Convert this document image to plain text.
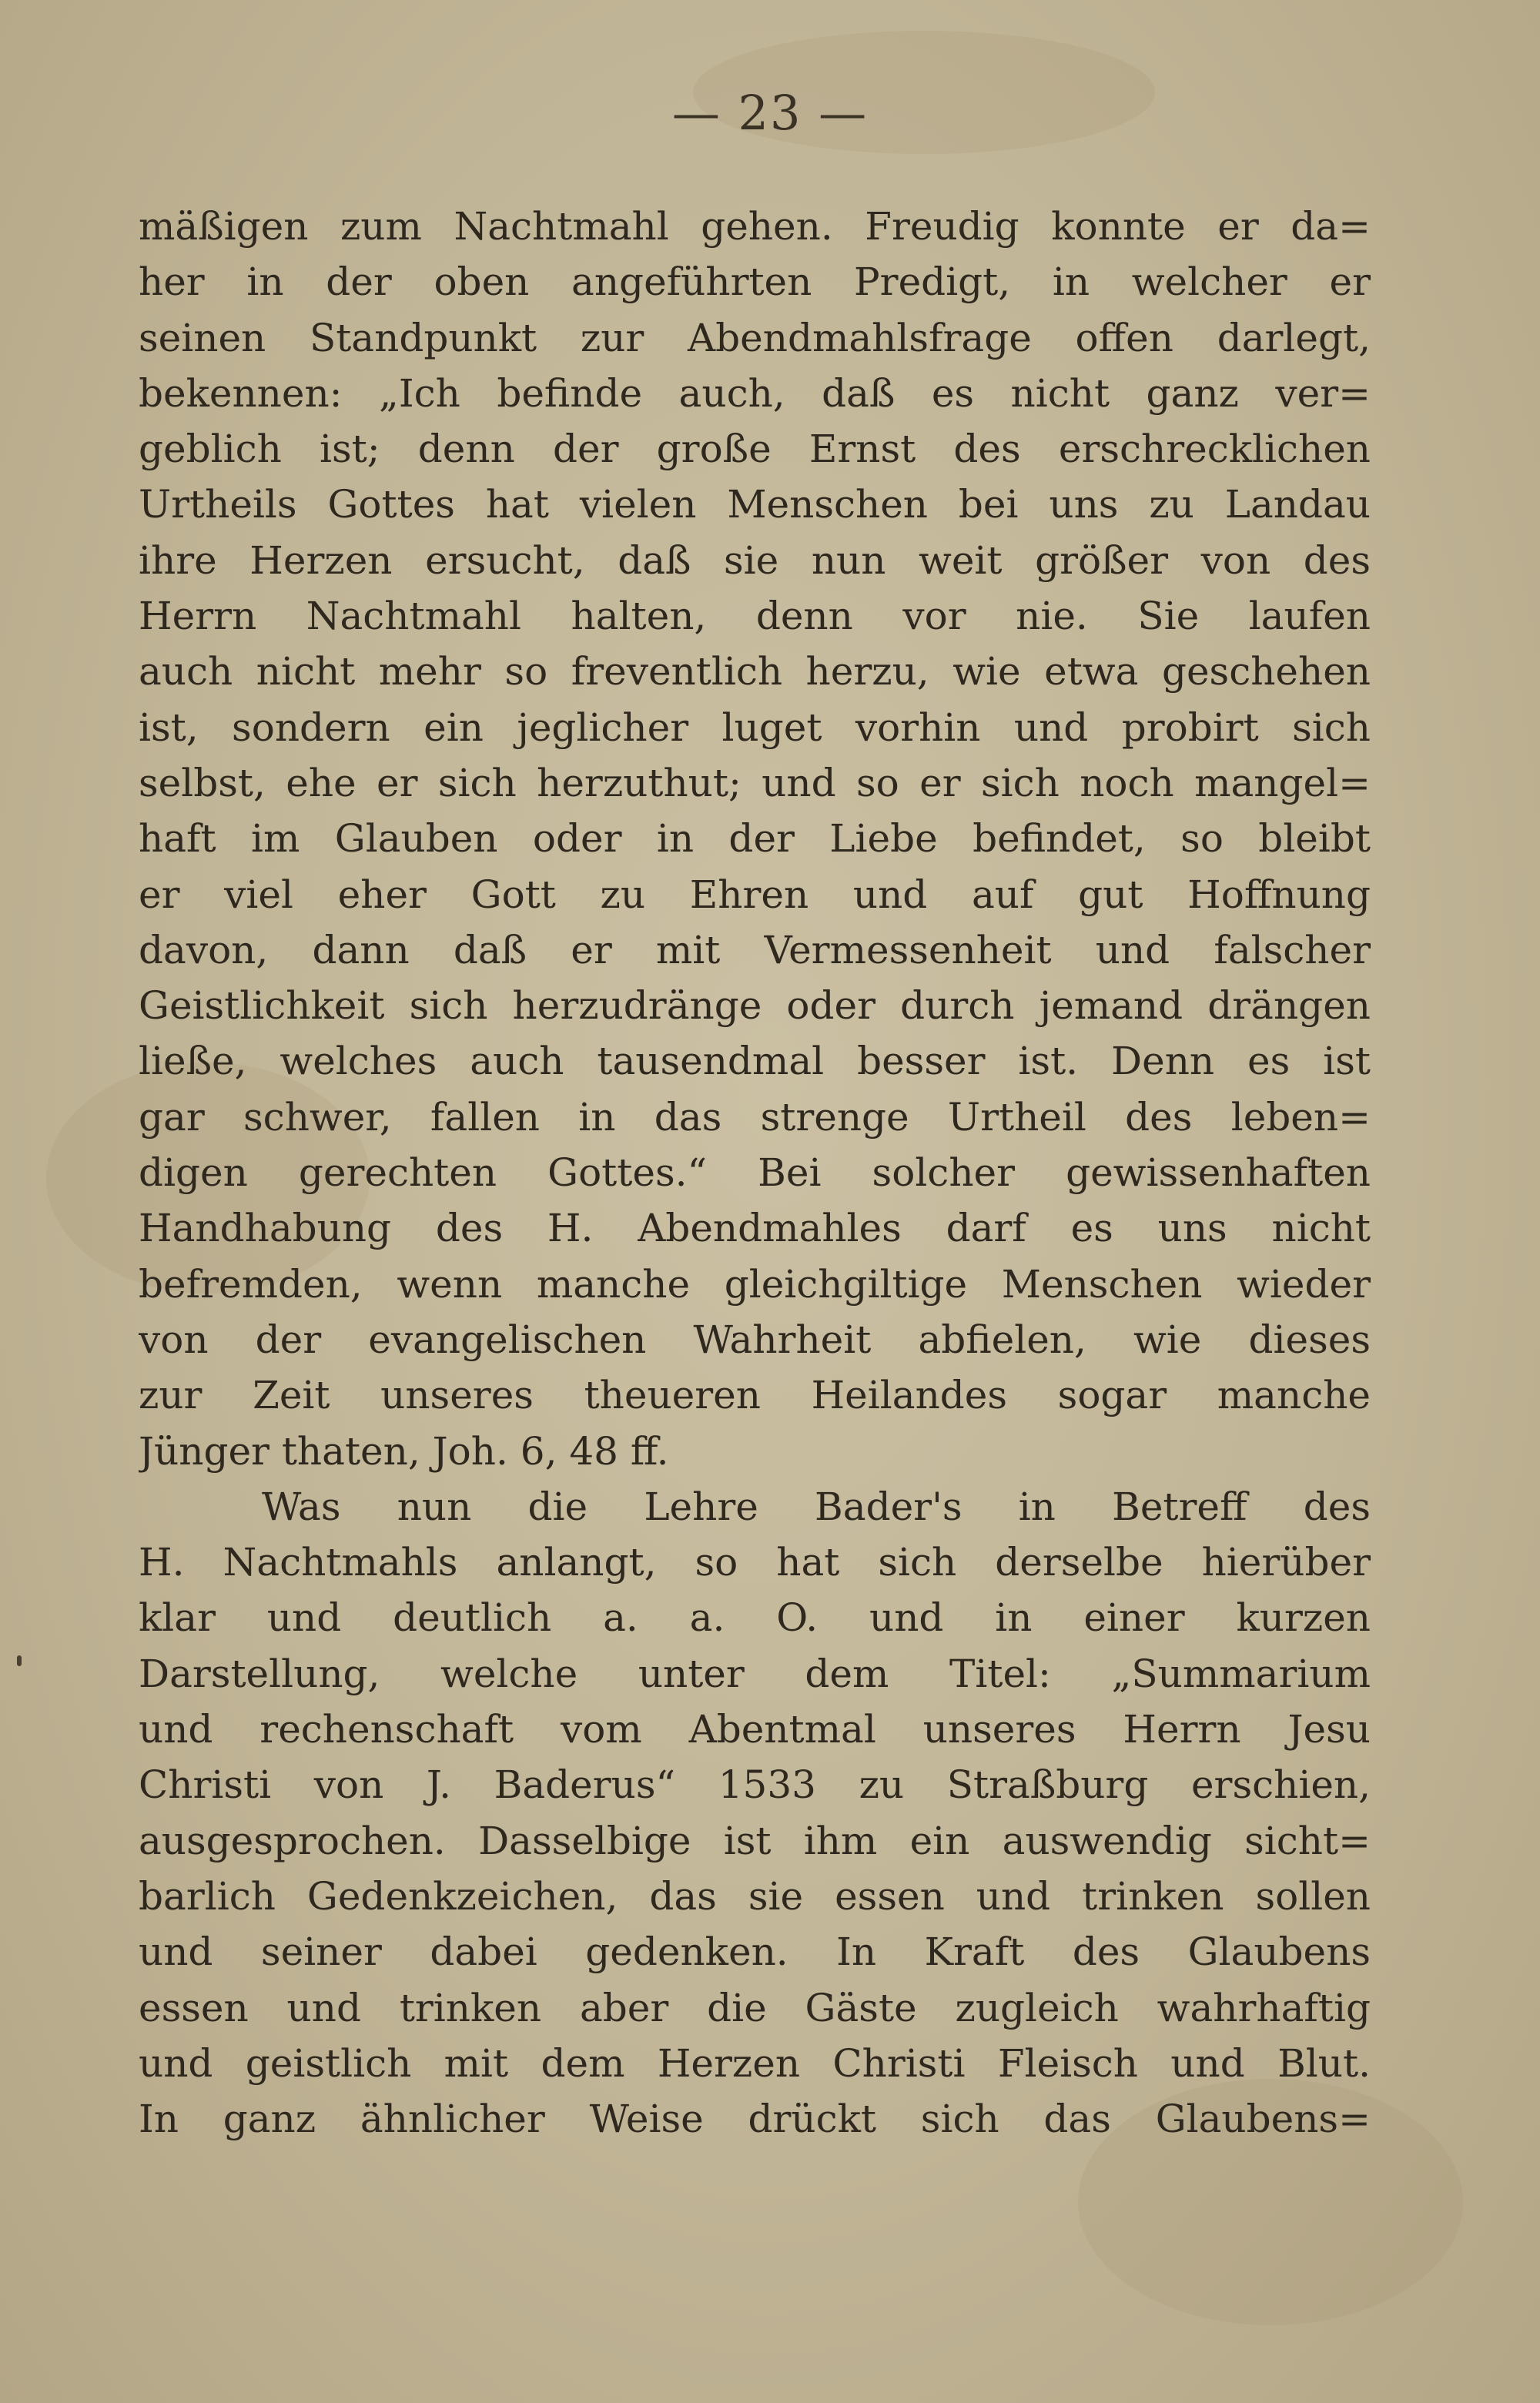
— 23 —
mäßigen zum Nachtmahl gehen. Freudig konnte er da=
her in der oben angeführten Predigt, in welcher er
seinen Standpunkt zur Abendmahlsfrage offen darlegt,
bekennen: „Ich befinde auch, daß es nicht ganz ver=
geblich ist; denn der große Ernst des erschrecklichen
Urtheils Gottes hat vielen Menschen bei uns zu Landau
ihre Herzen ersucht, daß sie nun weit größer von des
Herrn Nachtmahl halten, denn vor nie. Sie laufen
auch nicht mehr so freventlich herzu, wie etwa geschehen
ist, sondern ein jeglicher luget vorhin und probirt sich
selbst, ehe er sich herzuthut; und so er sich noch mangel=
haft im Glauben oder in der Liebe befindet, so bleibt
er viel eher Gott zu Ehren und auf gut Hoffnung
davon, dann daß er mit Vermessenheit und falscher
Geistlichkeit sich herzudränge oder durch jemand drängen
ließe, welches auch tausendmal besser ist. Denn es ist
gar schwer, fallen in das strenge Urtheil des leben=
digen gerechten Gottes.“ Bei solcher gewissenhaften
Handhabung des H. Abendmahles darf es uns nicht
befremden, wenn manche gleichgiltige Menschen wieder
von der evangelischen Wahrheit abfielen, wie dieses
zur Zeit unseres theueren Heilandes sogar manche
Jünger thaten, Joh. 6, 48 ff.
Was nun die Lehre Bader's in Betreff des
H. Nachtmahls anlangt, so hat sich derselbe hierüber
klar und deutlich a. a. O. und in einer kurzen
Darstellung, welche unter dem Titel: „Summarium
und rechenschaft vom Abentmal unseres Herrn Jesu
Christi von J. Baderus“ 1533 zu Straßburg erschien,
ausgesprochen. Dasselbige ist ihm ein auswendig sicht=
barlich Gedenkzeichen, das sie essen und trinken sollen
und seiner dabei gedenken. In Kraft des Glaubens
essen und trinken aber die Gäste zugleich wahrhaftig
und geistlich mit dem Herzen Christi Fleisch und Blut.
In ganz ähnlicher Weise drückt sich das Glaubens=
